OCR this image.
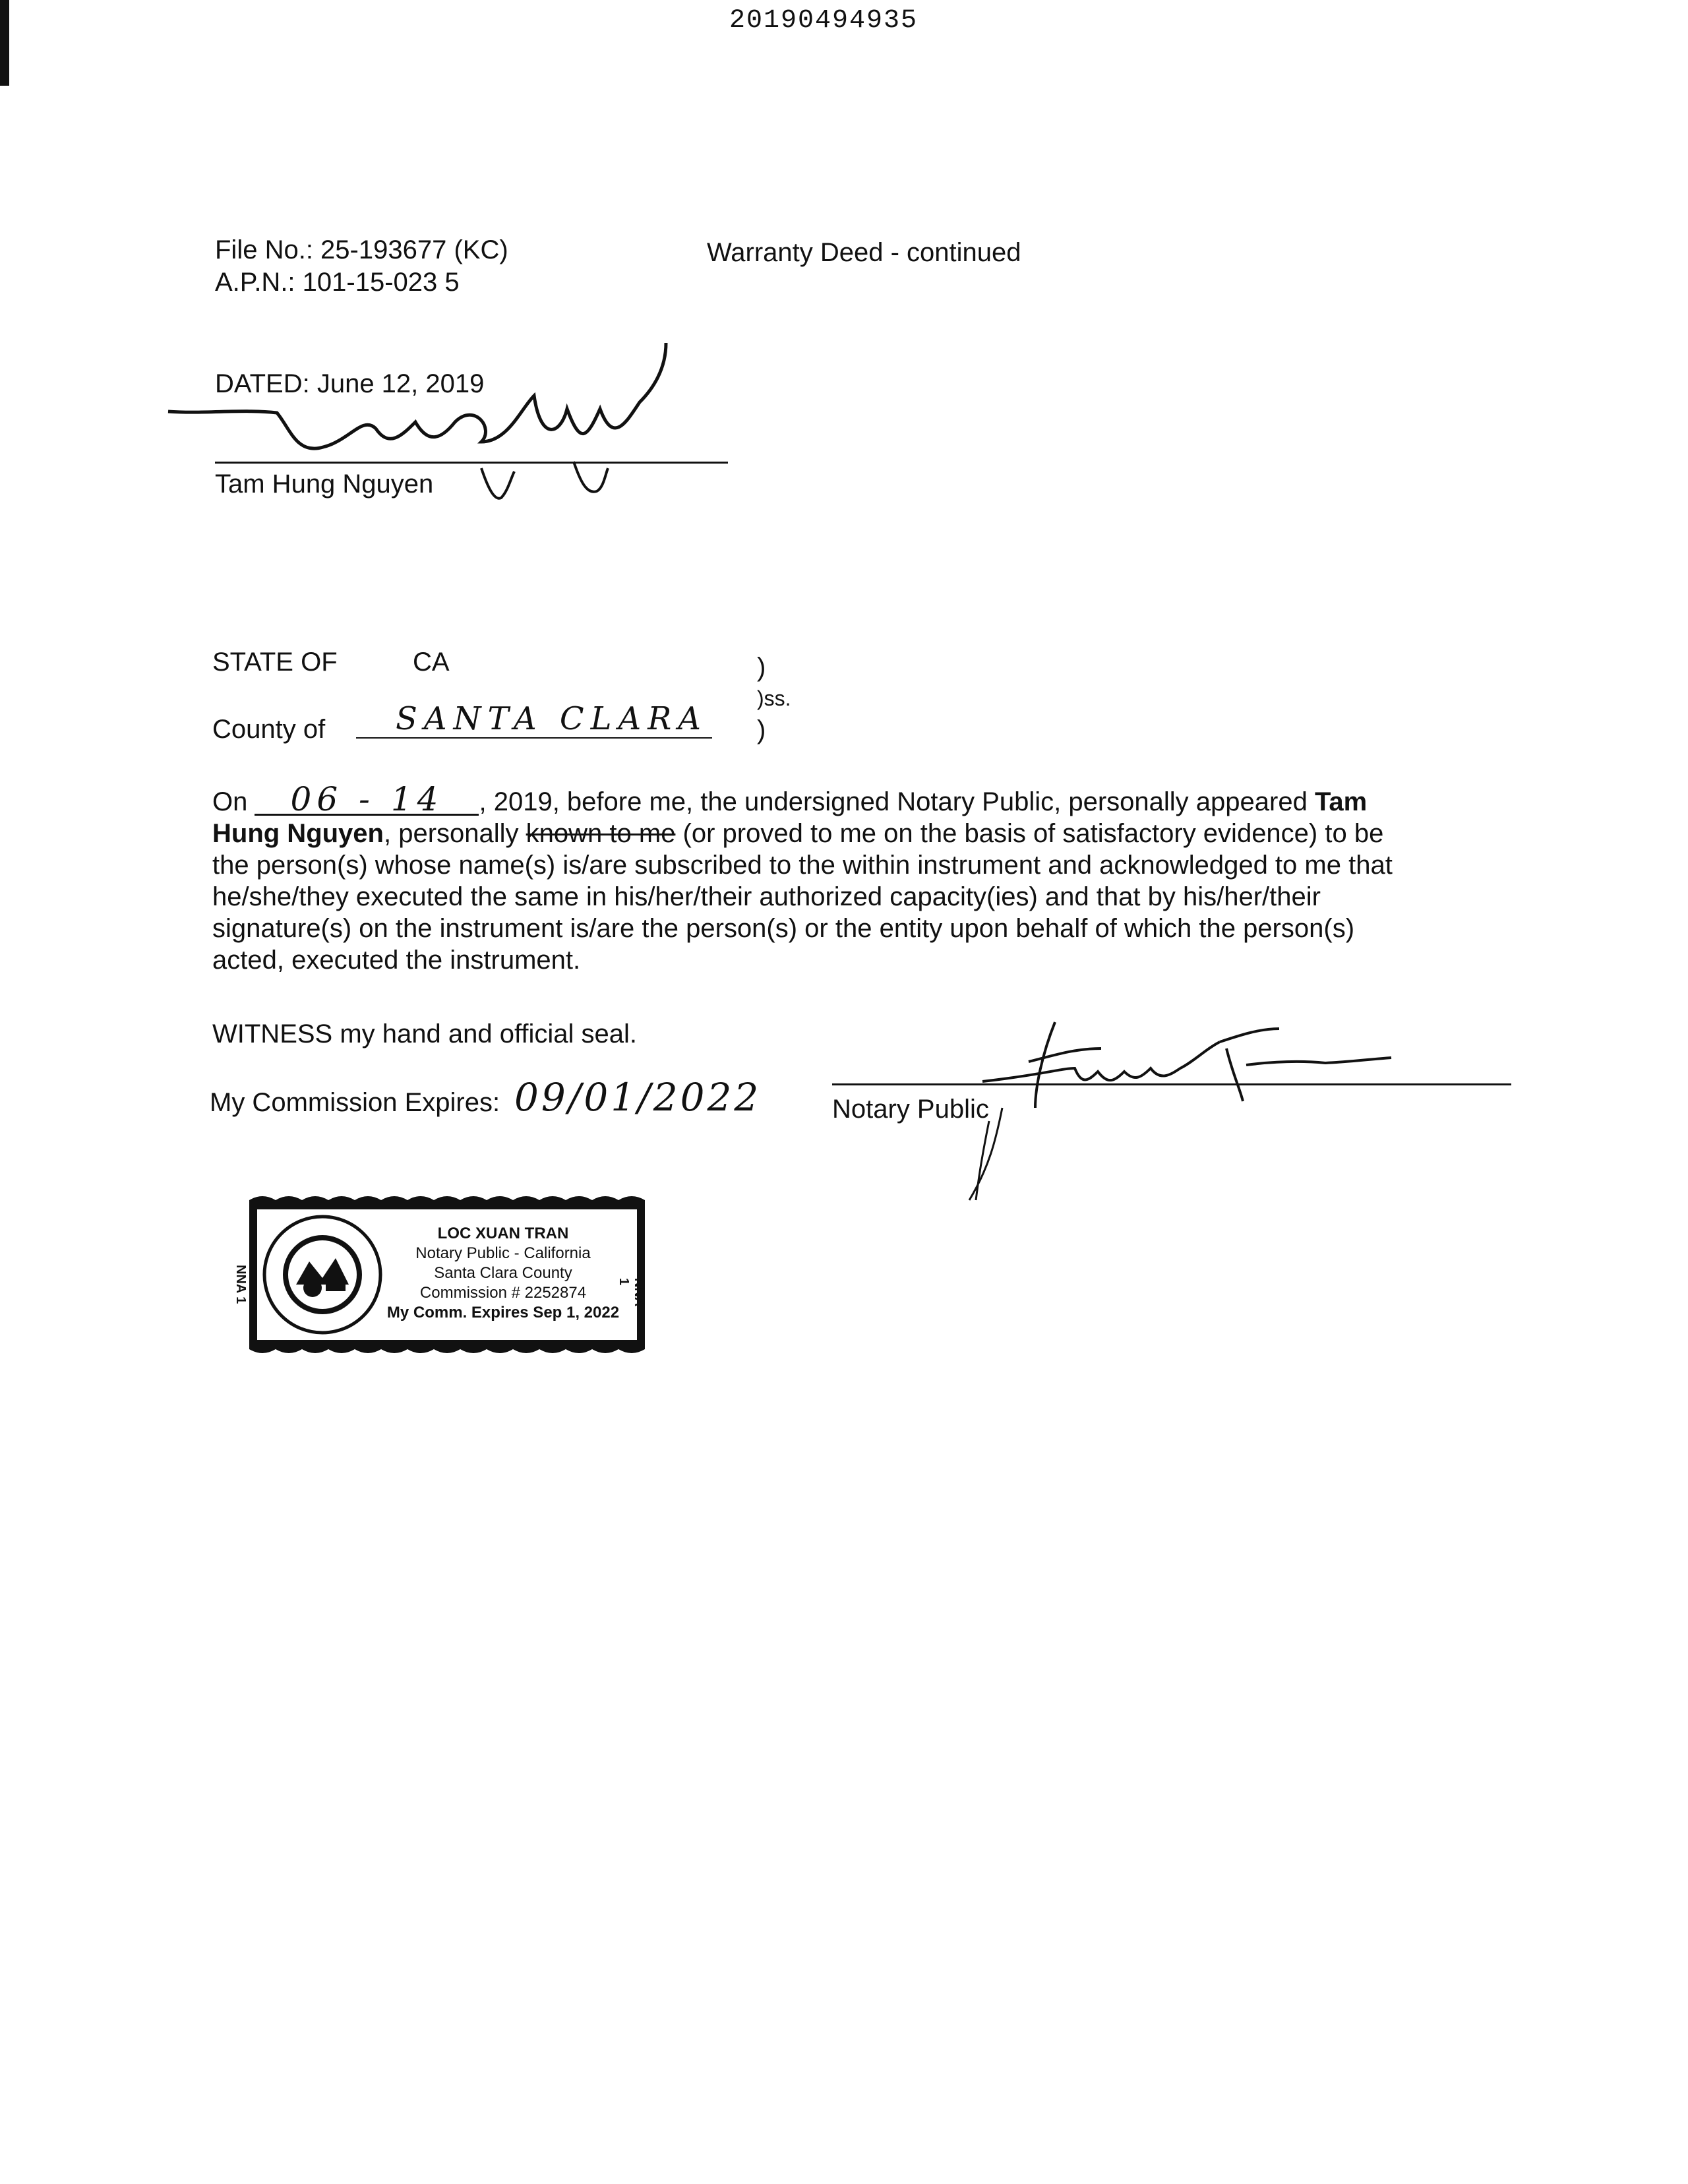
20190494935
File No.: 25-193677 (KC)
A.P.N.: 101-15-023 5
Warranty Deed - continued
DATED: June 12, 2019
Tam Hung Nguyen
STATE OF	CA
County of SANTA CLARA
)
)ss.
)
On 06 - 14 , 2019, before me, the undersigned Notary Public, personally appeared Tam
Hung Nguyen, personally known to me (or proved to me on the basis of satisfactory evidence) to be
the person(s) whose name(s) is/are subscribed to the within instrument and acknowledged to me that
he/she/they executed the same in his/her/their authorized capacity(ies) and that by his/her/their
signature(s) on the instrument is/are the person(s) or the entity upon behalf of which the person(s)
acted, executed the instrument.
WITNESS my hand and official seal.
My Commission Expires: 09/01/2022	Notary Public
NNA 1	NNA 1
LOC XUAN TRAN
Notary Public - California
Santa Clara County
Commission # 2252874
My Comm. Expires Sep 1, 2022
